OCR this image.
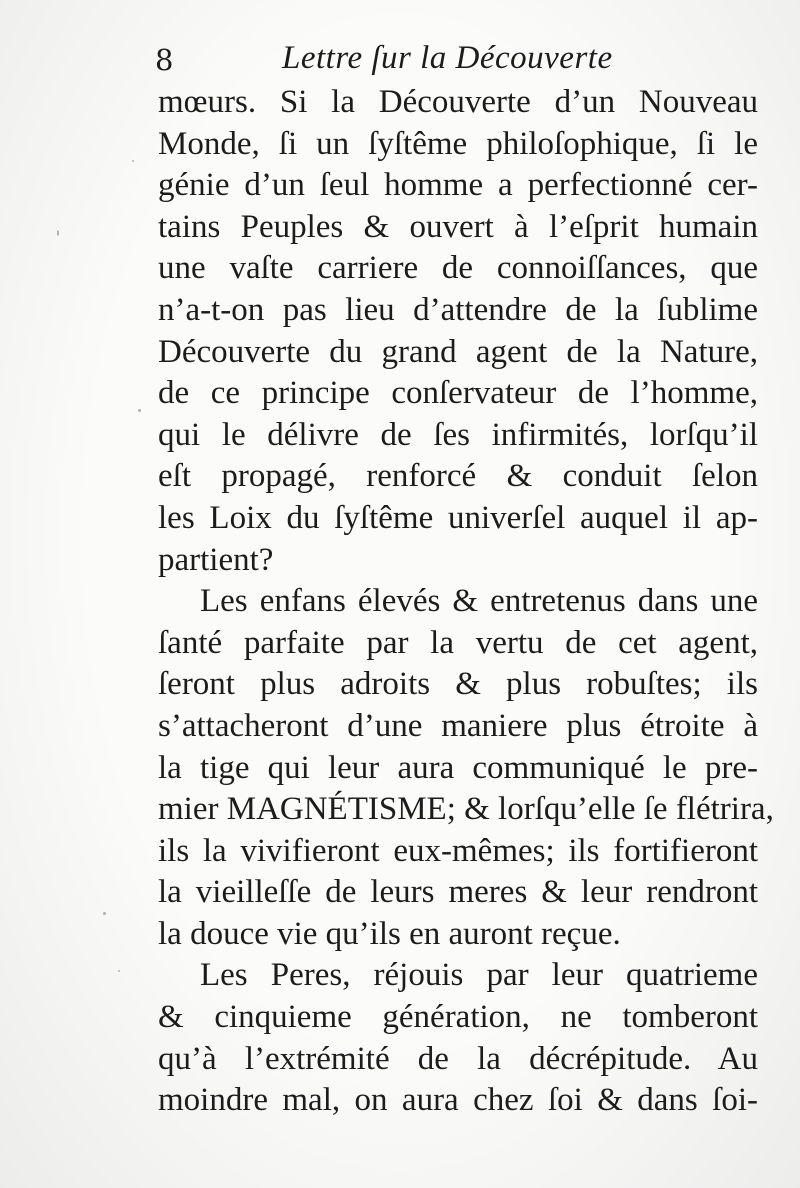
8	Lettre ſur la Découverte
mœurs. Si la Découverte d’un Nouveau
Monde, ſi un ſyſtême philoſophique, ſi le
génie d’un ſeul homme a perfectionné cer-
tains Peuples & ouvert à l’eſprit humain
une vaſte carriere de connoiſſances, que
n’a-t-on pas lieu d’attendre de la ſublime
Découverte du grand agent de la Nature,
de ce principe conſervateur de l’homme,
qui le délivre de ſes infirmités, lorſqu’il
eſt propagé, renforcé & conduit ſelon
les Loix du ſyſtême univerſel auquel il ap-
partient?
Les enfans élevés & entretenus dans une
ſanté parfaite par la vertu de cet agent,
ſeront plus adroits & plus robuſtes; ils
s’attacheront d’une maniere plus étroite à
la tige qui leur aura communiqué le pre-
mier MAGNÉTISME; & lorſqu’elle ſe flétrira,
ils la vivifieront eux-mêmes; ils fortifieront
la vieilleſſe de leurs meres & leur rendront
la douce vie qu’ils en auront reçue.
Les Peres, réjouis par leur quatrieme
& cinquieme génération, ne tomberont
qu’à l’extrémité de la décrépitude. Au
moindre mal, on aura chez ſoi & dans ſoi-
